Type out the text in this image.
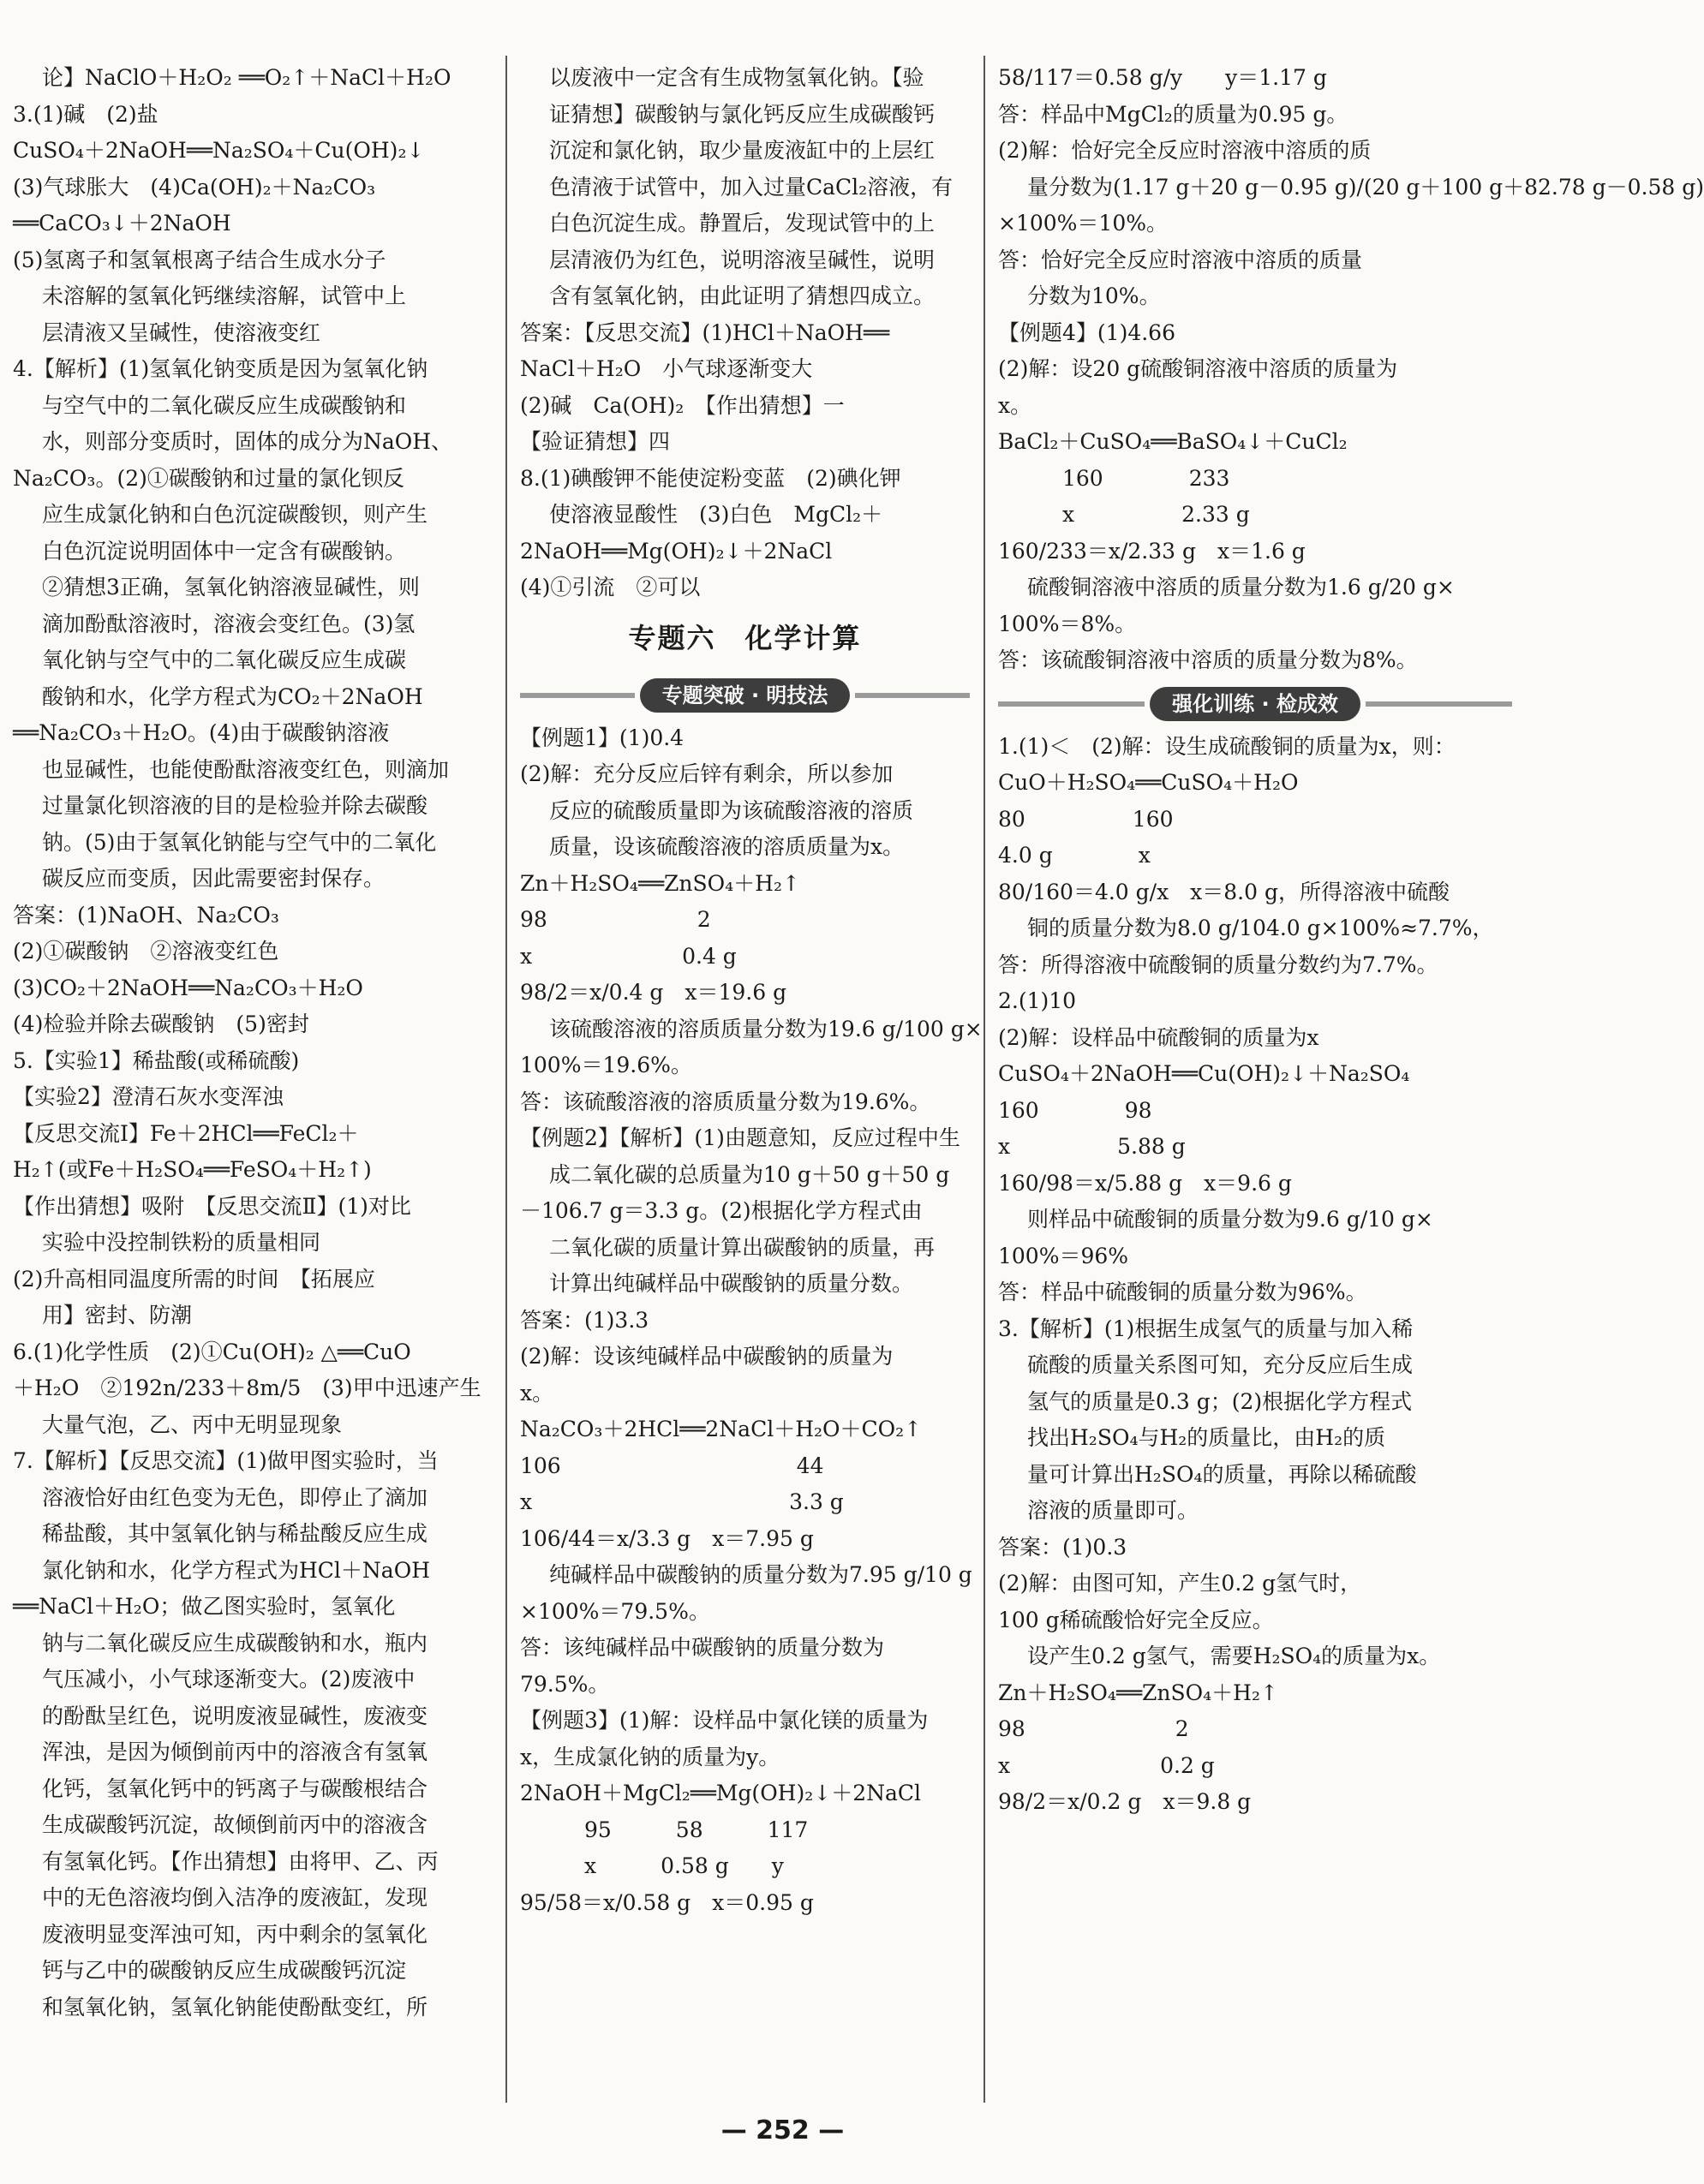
论】NaClO＋H₂O₂ ══O₂↑＋NaCl＋H₂O
3.(1)碱　(2)盐
CuSO₄＋2NaOH══Na₂SO₄＋Cu(OH)₂↓
(3)气球胀大　(4)Ca(OH)₂＋Na₂CO₃
══CaCO₃↓＋2NaOH
(5)氢离子和氢氧根离子结合生成水分子
未溶解的氢氧化钙继续溶解，试管中上
层清液又呈碱性，使溶液变红
4.【解析】(1)氢氧化钠变质是因为氢氧化钠
与空气中的二氧化碳反应生成碳酸钠和
水，则部分变质时，固体的成分为NaOH、
Na₂CO₃。(2)①碳酸钠和过量的氯化钡反
应生成氯化钠和白色沉淀碳酸钡，则产生
白色沉淀说明固体中一定含有碳酸钠。
②猜想3正确，氢氧化钠溶液显碱性，则
滴加酚酞溶液时，溶液会变红色。(3)氢
氧化钠与空气中的二氧化碳反应生成碳
酸钠和水，化学方程式为CO₂＋2NaOH
══Na₂CO₃＋H₂O。(4)由于碳酸钠溶液
也显碱性，也能使酚酞溶液变红色，则滴加
过量氯化钡溶液的目的是检验并除去碳酸
钠。(5)由于氢氧化钠能与空气中的二氧化
碳反应而变质，因此需要密封保存。
答案：(1)NaOH、Na₂CO₃
(2)①碳酸钠　②溶液变红色
(3)CO₂＋2NaOH══Na₂CO₃＋H₂O
(4)检验并除去碳酸钠　(5)密封
5.【实验1】稀盐酸(或稀硫酸)
【实验2】澄清石灰水变浑浊
【反思交流Ⅰ】Fe＋2HCl══FeCl₂＋
H₂↑(或Fe＋H₂SO₄══FeSO₄＋H₂↑)
【作出猜想】吸附　【反思交流Ⅱ】(1)对比
实验中没控制铁粉的质量相同
(2)升高相同温度所需的时间　【拓展应
用】密封、防潮
6.(1)化学性质　(2)①Cu(OH)₂ △══CuO
＋H₂O　②192n/233＋8m/5　(3)甲中迅速产生
大量气泡，乙、丙中无明显现象
7.【解析】【反思交流】(1)做甲图实验时，当
溶液恰好由红色变为无色，即停止了滴加
稀盐酸，其中氢氧化钠与稀盐酸反应生成
氯化钠和水，化学方程式为HCl＋NaOH
══NaCl＋H₂O；做乙图实验时，氢氧化
钠与二氧化碳反应生成碳酸钠和水，瓶内
气压减小，小气球逐渐变大。(2)废液中
的酚酞呈红色，说明废液显碱性，废液变
浑浊，是因为倾倒前丙中的溶液含有氢氧
化钙，氢氧化钙中的钙离子与碳酸根结合
生成碳酸钙沉淀，故倾倒前丙中的溶液含
有氢氧化钙。【作出猜想】由将甲、乙、丙
中的无色溶液均倒入洁净的废液缸，发现
废液明显变浑浊可知，丙中剩余的氢氧化
钙与乙中的碳酸钠反应生成碳酸钙沉淀
和氢氧化钠，氢氧化钠能使酚酞变红，所
以废液中一定含有生成物氢氧化钠。【验
证猜想】碳酸钠与氯化钙反应生成碳酸钙
沉淀和氯化钠，取少量废液缸中的上层红
色清液于试管中，加入过量CaCl₂溶液，有
白色沉淀生成。静置后，发现试管中的上
层清液仍为红色，说明溶液呈碱性，说明
含有氢氧化钠，由此证明了猜想四成立。
答案：【反思交流】(1)HCl＋NaOH══
NaCl＋H₂O　小气球逐渐变大
(2)碱　Ca(OH)₂　【作出猜想】一
【验证猜想】四
8.(1)碘酸钾不能使淀粉变蓝　(2)碘化钾
使溶液显酸性　(3)白色　MgCl₂＋
2NaOH══Mg(OH)₂↓＋2NaCl
(4)①引流　②可以
专题六　化学计算
专题突破 · 明技法
【例题1】(1)0.4
(2)解：充分反应后锌有剩余，所以参加
反应的硫酸质量即为该硫酸溶液的溶质
质量，设该硫酸溶液的溶质质量为x。
Zn＋H₂SO₄══ZnSO₄＋H₂↑
98　　　　　　　2
x　　　　　　　0.4 g
98/2＝x/0.4 g　x＝19.6 g
该硫酸溶液的溶质质量分数为19.6 g/100 g×
100%＝19.6%。
答：该硫酸溶液的溶质质量分数为19.6%。
【例题2】【解析】(1)由题意知，反应过程中生
成二氧化碳的总质量为10 g＋50 g＋50 g
－106.7 g＝3.3 g。(2)根据化学方程式由
二氧化碳的质量计算出碳酸钠的质量，再
计算出纯碱样品中碳酸钠的质量分数。
答案：(1)3.3
(2)解：设该纯碱样品中碳酸钠的质量为
x。
Na₂CO₃＋2HCl══2NaCl＋H₂O＋CO₂↑
106　　　　　　　　　　　44
x　　　　　　　　　　　　3.3 g
106/44＝x/3.3 g　x＝7.95 g
纯碱样品中碳酸钠的质量分数为7.95 g/10 g
×100%＝79.5%。
答：该纯碱样品中碳酸钠的质量分数为
79.5%。
【例题3】(1)解：设样品中氯化镁的质量为
x，生成氯化钠的质量为y。
2NaOH＋MgCl₂══Mg(OH)₂↓＋2NaCl
　　　95　　　58　　　117
　　　x　　　0.58 g　　y
95/58＝x/0.58 g　x＝0.95 g
58/117＝0.58 g/y　　y＝1.17 g
答：样品中MgCl₂的质量为0.95 g。
(2)解：恰好完全反应时溶液中溶质的质
量分数为(1.17 g＋20 g－0.95 g)/(20 g＋100 g＋82.78 g－0.58 g)
×100%＝10%。
答：恰好完全反应时溶液中溶质的质量
分数为10%。
【例题4】(1)4.66
(2)解：设20 g硫酸铜溶液中溶质的质量为
x。
BaCl₂＋CuSO₄══BaSO₄↓＋CuCl₂
　　　160　　　　233
　　　x　　　　　2.33 g
160/233＝x/2.33 g　x＝1.6 g
硫酸铜溶液中溶质的质量分数为1.6 g/20 g×
100%＝8%。
答：该硫酸铜溶液中溶质的质量分数为8%。
强化训练 · 检成效
1.(1)＜　(2)解：设生成硫酸铜的质量为x，则：
CuO＋H₂SO₄══CuSO₄＋H₂O
80　　　　　160
4.0 g　　　　x
80/160＝4.0 g/x　x＝8.0 g，所得溶液中硫酸
铜的质量分数为8.0 g/104.0 g×100%≈7.7%，
答：所得溶液中硫酸铜的质量分数约为7.7%。
2.(1)10
(2)解：设样品中硫酸铜的质量为x
CuSO₄＋2NaOH══Cu(OH)₂↓＋Na₂SO₄
160　　　　98
x　　　　　5.88 g
160/98＝x/5.88 g　x＝9.6 g
则样品中硫酸铜的质量分数为9.6 g/10 g×
100%＝96%
答：样品中硫酸铜的质量分数为96%。
3.【解析】(1)根据生成氢气的质量与加入稀
硫酸的质量关系图可知，充分反应后生成
氢气的质量是0.3 g；(2)根据化学方程式
找出H₂SO₄与H₂的质量比，由H₂的质
量可计算出H₂SO₄的质量，再除以稀硫酸
溶液的质量即可。
答案：(1)0.3
(2)解：由图可知，产生0.2 g氢气时，
100 g稀硫酸恰好完全反应。
设产生0.2 g氢气，需要H₂SO₄的质量为x。
Zn＋H₂SO₄══ZnSO₄＋H₂↑
98　　　　　　　2
x　　　　　　　0.2 g
98/2＝x/0.2 g　x＝9.8 g
— 252 —
